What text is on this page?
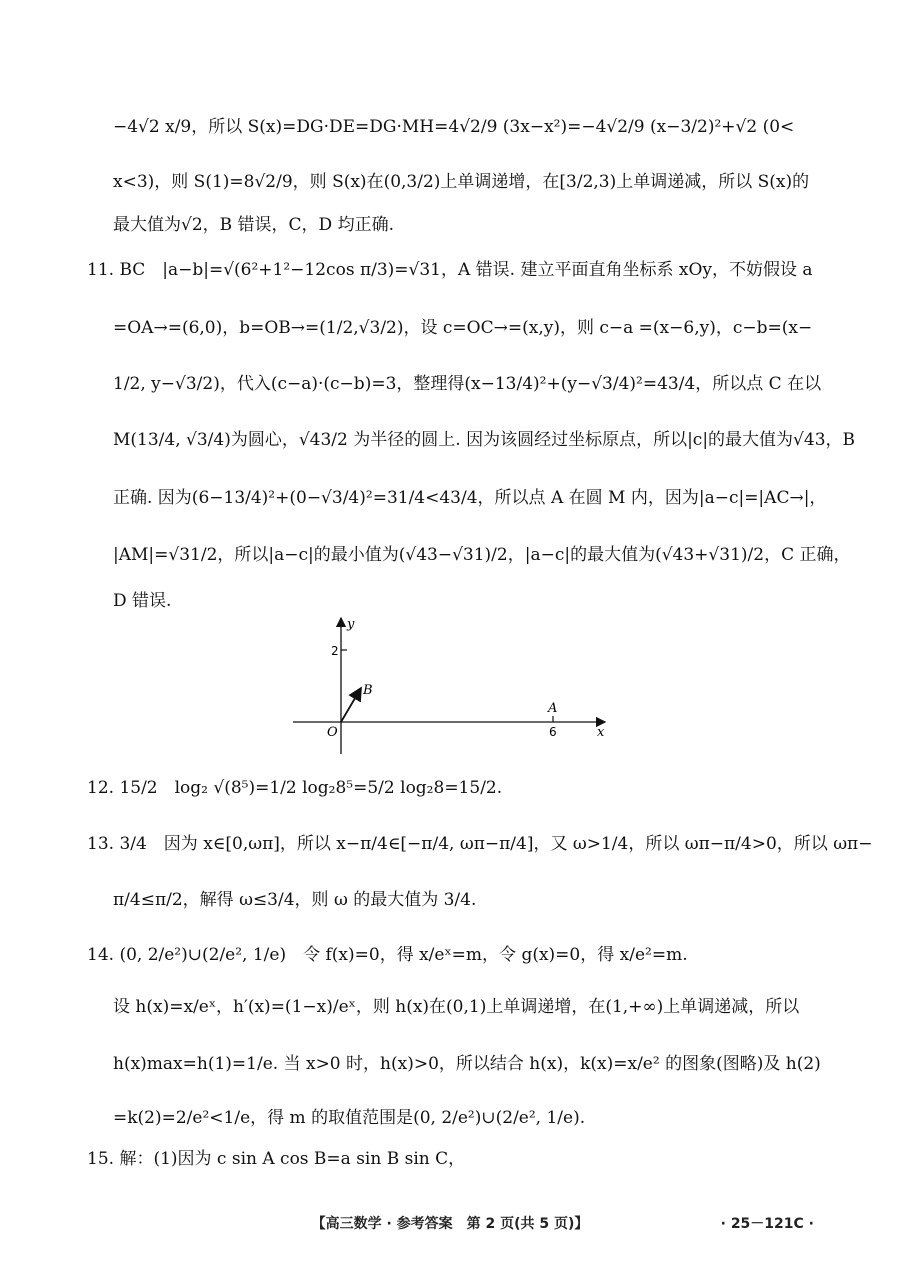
−4√2 x/9，所以 S(x)=DG·DE=DG·MH=4√2/9 (3x−x²)=−4√2/9 (x−3/2)²+√2 (0<
x<3)，则 S(1)=8√2/9，则 S(x)在(0,3/2)上单调递增，在[3/2,3)上单调递减，所以 S(x)的
最大值为√2，B 错误，C，D 均正确.
11. BC　|a−b|=√(6²+1²−12cos π/3)=√31，A 错误. 建立平面直角坐标系 xOy，不妨假设 a
=OA→=(6,0)，b=OB→=(1/2,√3/2)，设 c=OC→=(x,y)，则 c−a =(x−6,y)，c−b=(x−
1/2, y−√3/2)，代入(c−a)·(c−b)=3，整理得(x−13/4)²+(y−√3/4)²=43/4，所以点 C 在以
M(13/4, √3/4)为圆心，√43/2 为半径的圆上. 因为该圆经过坐标原点，所以|c|的最大值为√43，B
正确. 因为(6−13/4)²+(0−√3/4)²=31/4<43/4，所以点 A 在圆 M 内，因为|a−c|=|AC→|，
|AM|=√31/2，所以|a−c|的最小值为(√43−√31)/2，|a−c|的最大值为(√43+√31)/2，C 正确，
D 错误.
y
2
B
A
O	6	x
12. 15/2　log₂ √(8⁵)=1/2 log₂8⁵=5/2 log₂8=15/2.
13. 3/4　因为 x∈[0,ωπ]，所以 x−π/4∈[−π/4, ωπ−π/4]，又 ω>1/4，所以 ωπ−π/4>0，所以 ωπ−
π/4≤π/2，解得 ω≤3/4，则 ω 的最大值为 3/4.
14. (0, 2/e²)∪(2/e², 1/e)　令 f(x)=0，得 x/eˣ=m，令 g(x)=0，得 x/e²=m.
设 h(x)=x/eˣ，h′(x)=(1−x)/eˣ，则 h(x)在(0,1)上单调递增，在(1,+∞)上单调递减，所以
h(x)max=h(1)=1/e. 当 x>0 时，h(x)>0，所以结合 h(x)，k(x)=x/e² 的图象(图略)及 h(2)
=k(2)=2/e²<1/e，得 m 的取值范围是(0, 2/e²)∪(2/e², 1/e).
15. 解：(1)因为 c sin A cos B=a sin B sin C，
【高三数学 · 参考答案　第 2 页(共 5 页)】	· 25－121C ·
